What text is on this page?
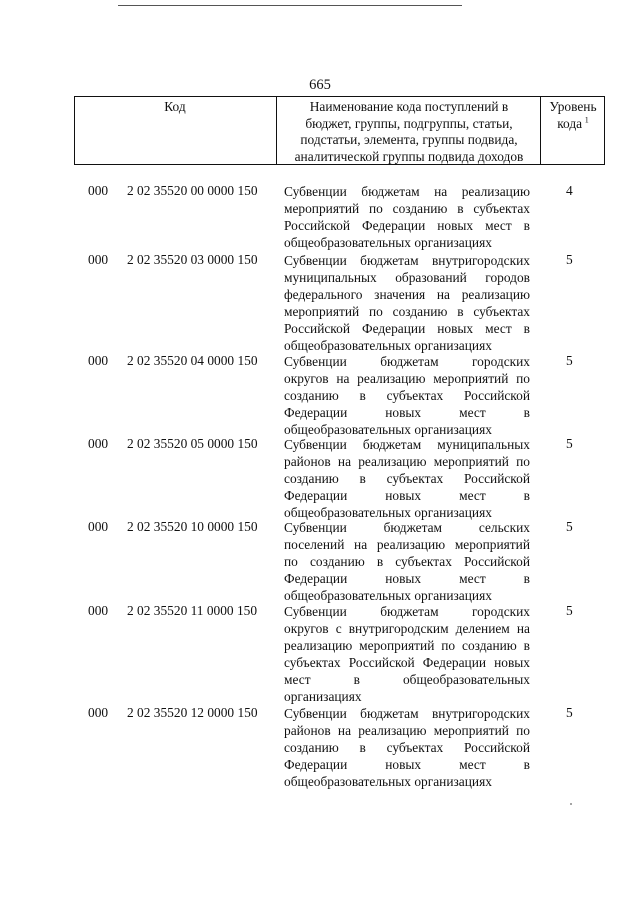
665
Код	Наименование кода поступлений в
бюджет, группы, подгруппы, статьи,
подстатьи, элемента, группы подвида,
аналитической группы подвида доходов
Уровень
кода  $^1$
000 2 02 35520 00 0000 150 Субвенции бюджетам на реализацию
мероприятий по созданию в субъектах
Российской Федерации новых мест в
общеобразовательных организациях
4
000 2 02 35520 03 0000 150 Субвенции бюджетам внутригородских
муниципальных образований городов
федерального значения на реализацию
мероприятий по созданию в субъектах
Российской Федерации новых мест в
общеобразовательных организациях
5
000 2 02 35520 04 0000 150 Субвенции бюджетам городских
округов на реализацию мероприятий по
созданию в субъектах Российской
Федерации новых мест в
общеобразовательных организациях
5
000 2 02 35520 05 0000 150 Субвенции бюджетам муниципальных
районов на реализацию мероприятий по
созданию в субъектах Российской
Федерации новых мест в
общеобразовательных организациях
5
000 2 02 35520 10 0000 150 Субвенции бюджетам сельских
поселений на реализацию мероприятий
по созданию в субъектах Российской
Федерации новых мест в
общеобразовательных организациях
5
000 2 02 35520 11 0000 150 Субвенции бюджетам городских
округов с внутригородским делением на
реализацию мероприятий по созданию в
субъектах Российской Федерации новых
мест в общеобразовательных
организациях
5
000 2 02 35520 12 0000 150 Субвенции бюджетам внутригородских
районов на реализацию мероприятий по
созданию в субъектах Российской
Федерации новых мест в
общеобразовательных организациях
5
